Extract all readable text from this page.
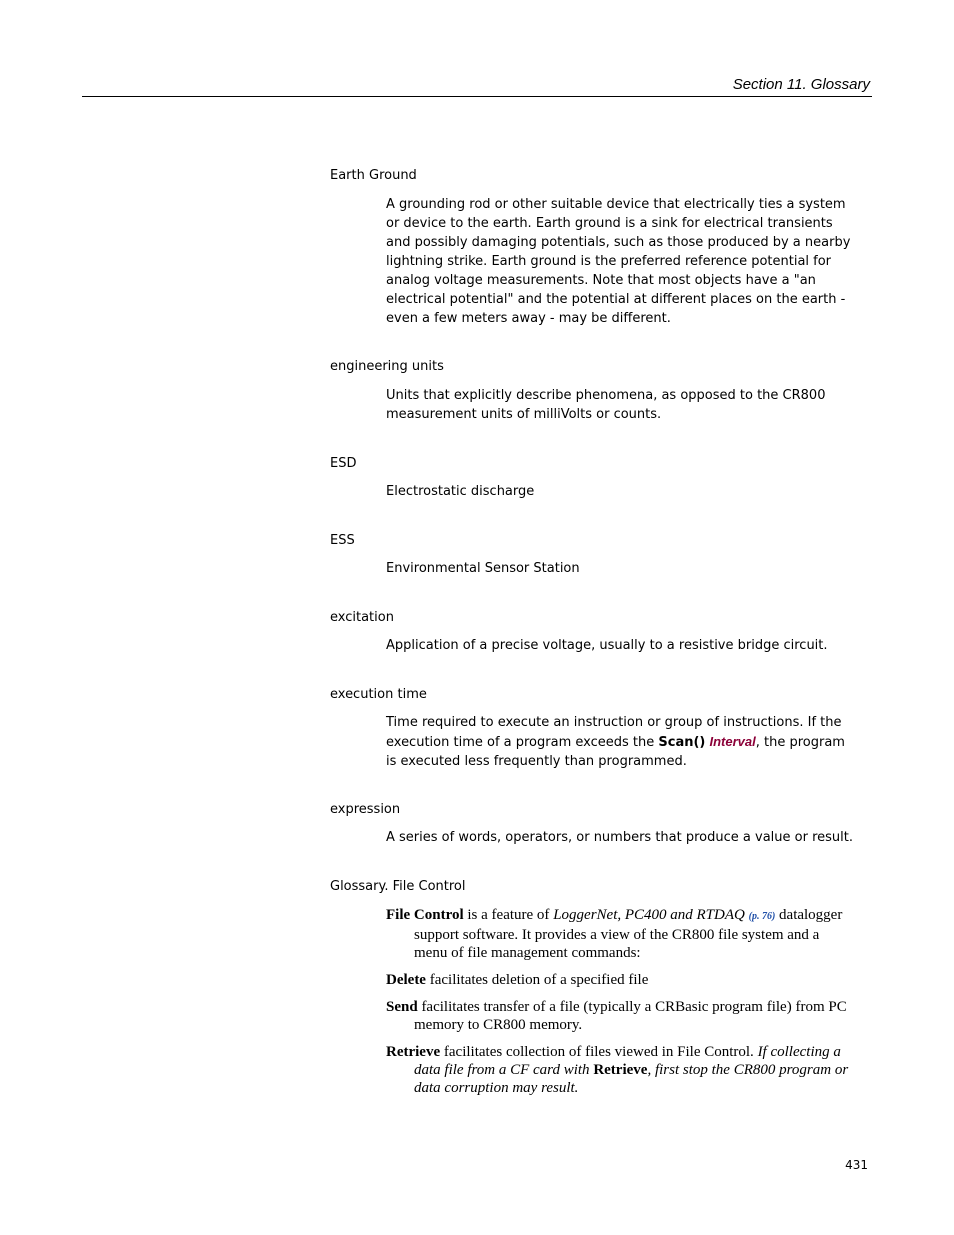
Section 11. Glossary
Earth Ground

A grounding rod or other suitable device that electrically ties a system or device to the earth. Earth ground is a sink for electrical transients and possibly damaging potentials, such as those produced by a nearby lightning strike. Earth ground is the preferred reference potential for analog voltage measurements. Note that most objects have a "an electrical potential" and the potential at different places on the earth - even a few meters away - may be different.

engineering units

Units that explicitly describe phenomena, as opposed to the CR800 measurement units of milliVolts or counts.

ESD

Electrostatic discharge

ESS

Environmental Sensor Station

excitation

Application of a precise voltage, usually to a resistive bridge circuit.

execution time

Time required to execute an instruction or group of instructions. If the execution time of a program exceeds the Scan() Interval, the program is executed less frequently than programmed.

expression

A series of words, operators, or numbers that produce a value or result.

Glossary. File Control

File Control is a feature of LoggerNet, PC400 and RTDAQ (p. 76) datalogger support software. It provides a view of the CR800 file system and a menu of file management commands:

Delete facilitates deletion of a specified file

Send facilitates transfer of a file (typically a CRBasic program file) from PC memory to CR800 memory.

Retrieve facilitates collection of files viewed in File Control. If collecting a data file from a CF card with Retrieve, first stop the CR800 program or data corruption may result.

431
